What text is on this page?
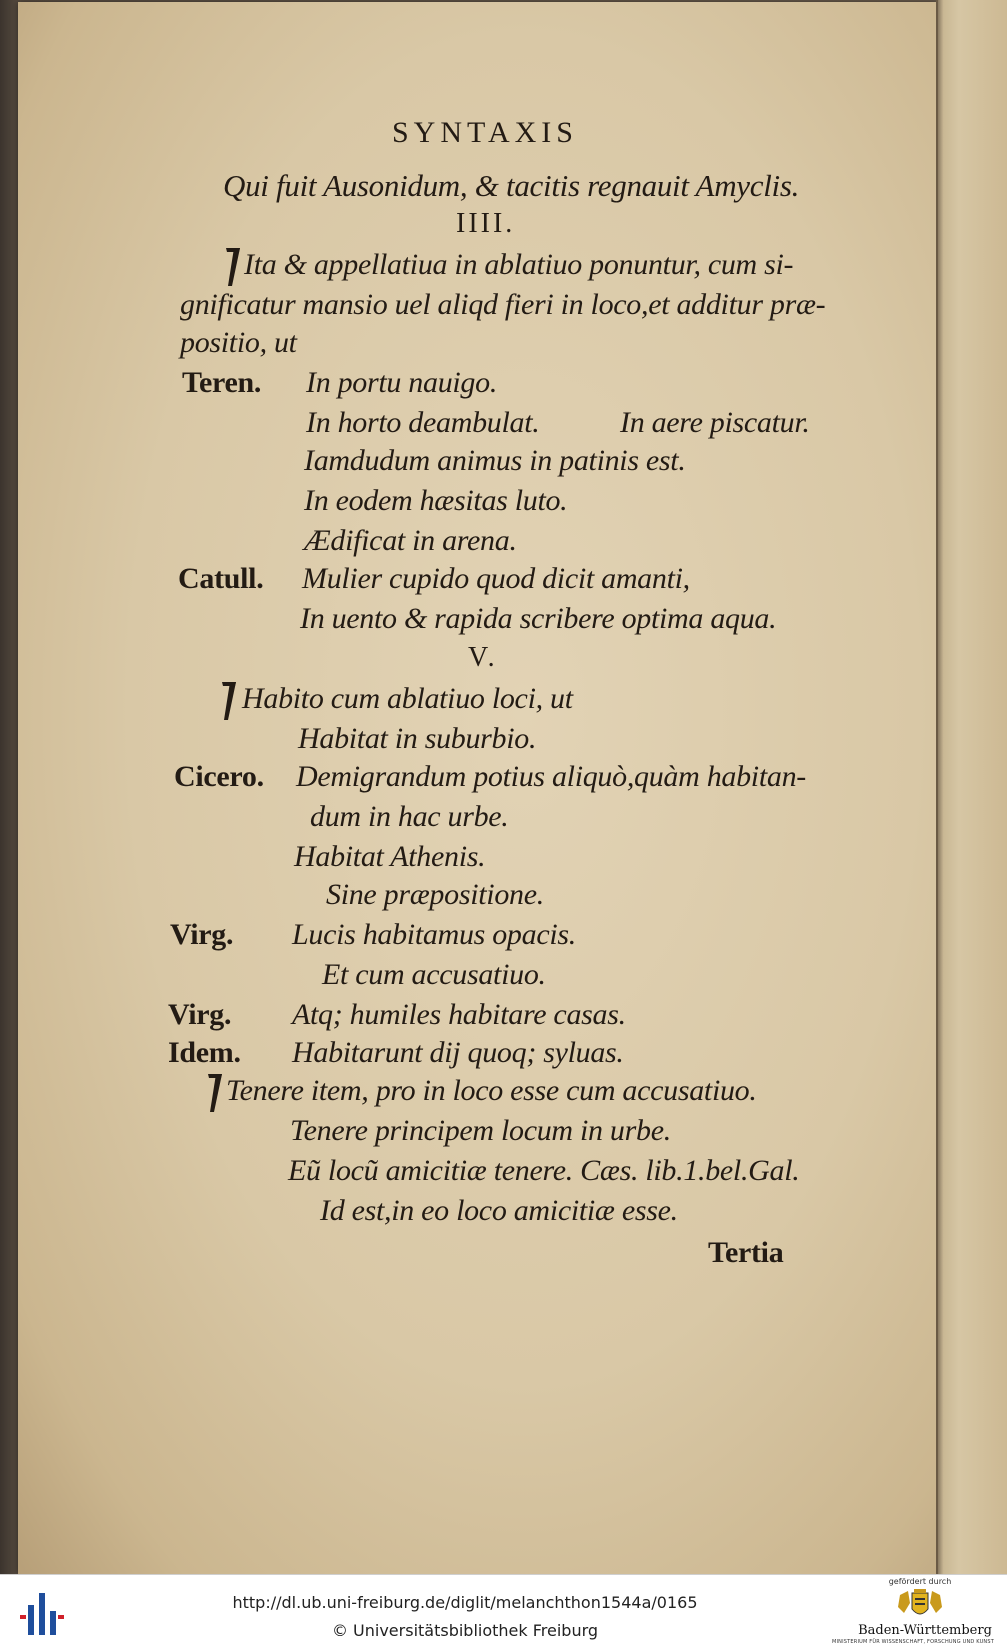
SYNTAXIS
Qui fuit Ausonidum, & tacitis regnauit Amyclis.
IIII.
Ita & appellatiua in ablatiuo ponuntur, cum si-
gnificatur mansio uel aliqd fieri in loco,et additur præ-
positio, ut
Teren. In portu nauigo.
In horto deambulat.	In aere piscatur.
Iamdudum animus in patinis est.
In eodem hæsitas luto.
Ædificat in arena.
Catull. Mulier cupido quod dicit amanti,
In uento & rapida scribere optima aqua.
V.
Habito cum ablatiuo loci, ut
Habitat in suburbio.
Cicero. Demigrandum potius aliquò,quàm habitan-
dum in hac urbe.
Habitat Athenis.
Sine præpositione.
Virg. Lucis habitamus opacis.
Et cum accusatiuo.
Virg. Atq; humiles habitare casas.
Idem. Habitarunt dij quoq; syluas.
Tenere item, pro in loco esse cum accusatiuo.
Tenere principem locum in urbe.
Eũ locũ amicitiæ tenere. Cæs. lib.1.bel.Gal.
Id est,in eo loco amicitiæ esse.
Tertia
http://dl.ub.uni-freiburg.de/diglit/melanchthon1544a/0165
© Universitätsbibliothek Freiburg
gefördert durch
Baden-Württemberg
MINISTERIUM FÜR WISSENSCHAFT, FORSCHUNG UND KUNST
